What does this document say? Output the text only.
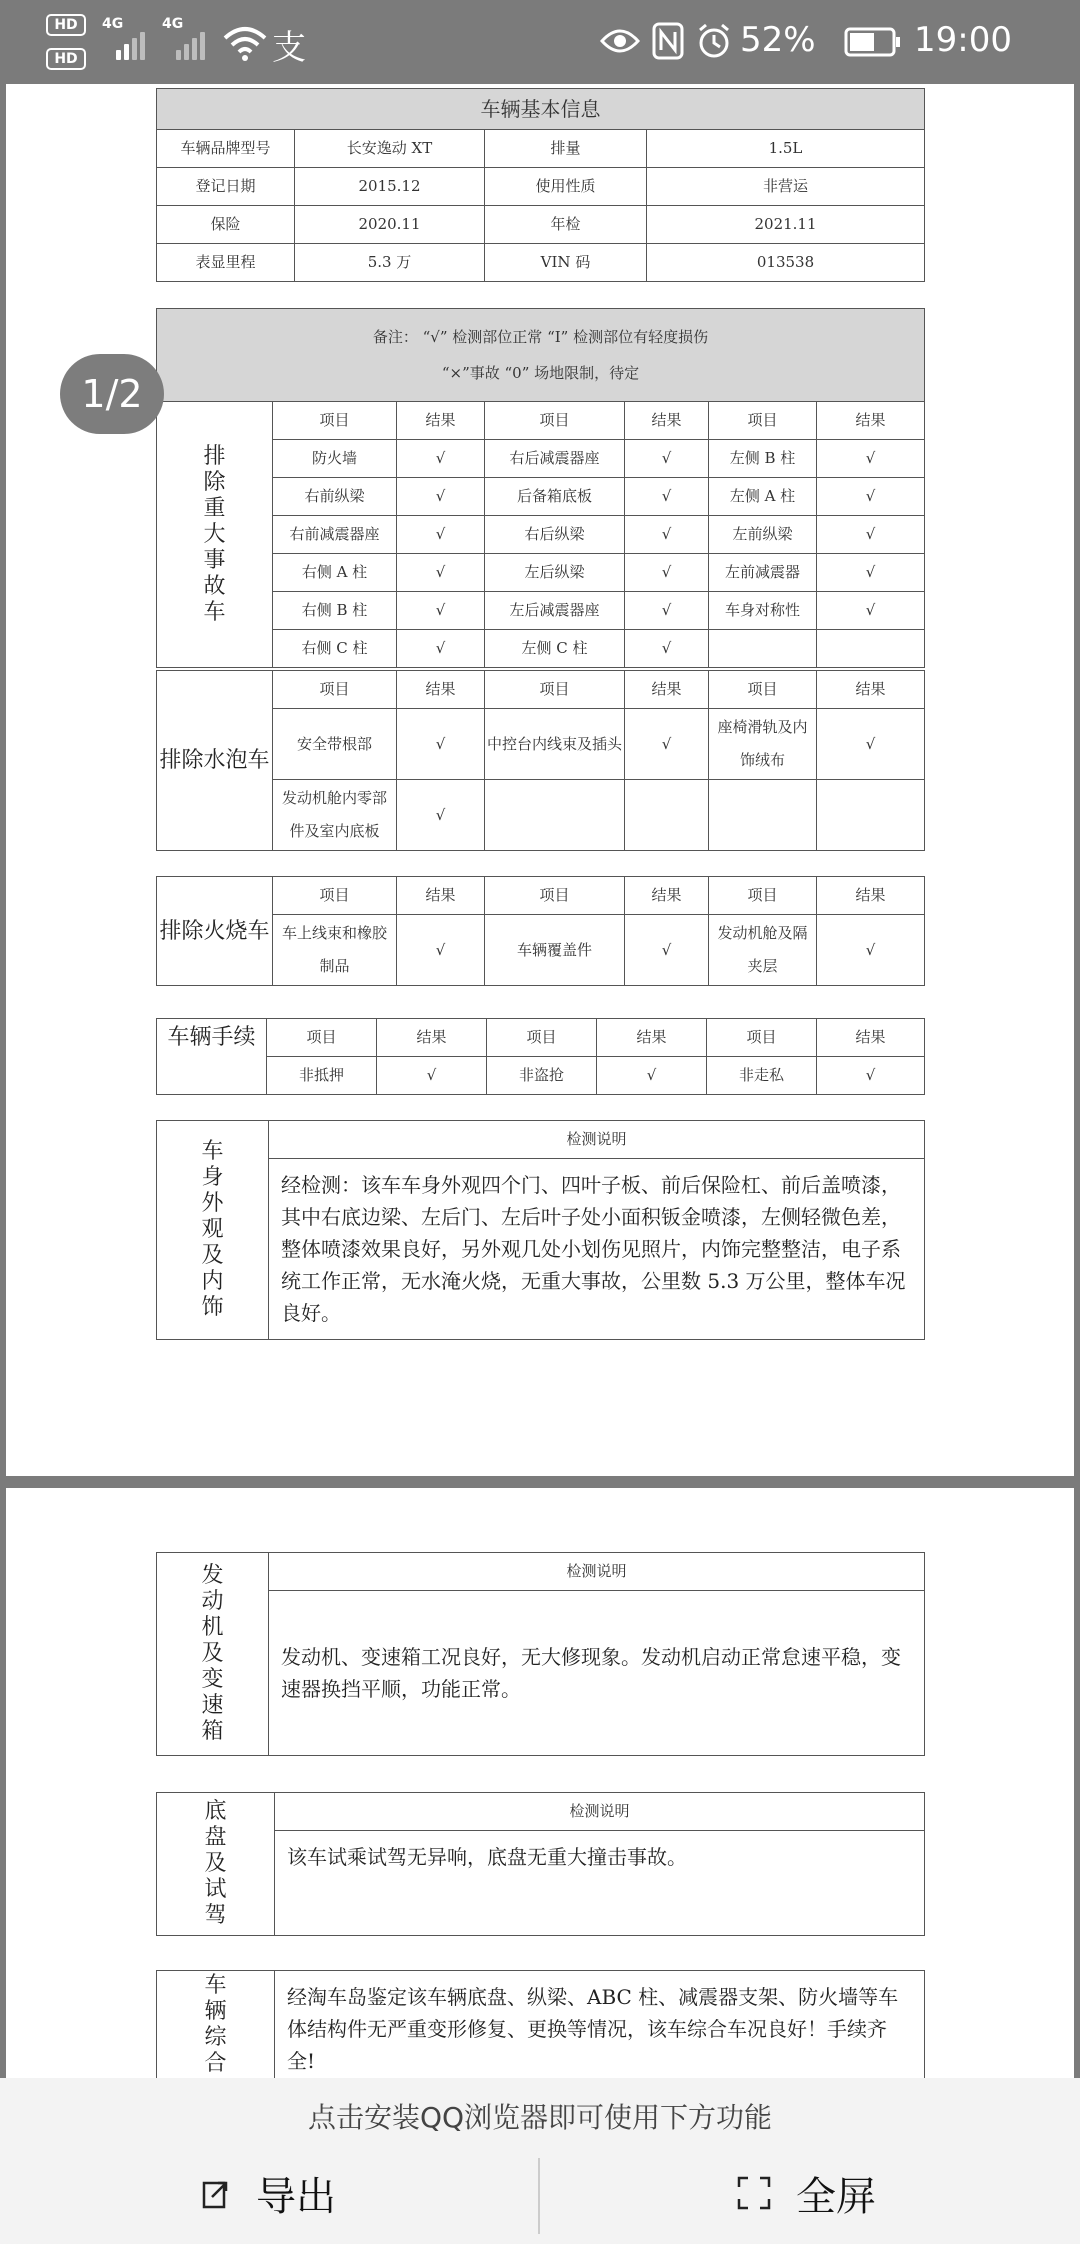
HD
HD
4G	4G
支	52%	19:00
车辆基本信息			
车辆品牌型号	长安逸动 XT	排量	1.5L
登记日期	2015.12	使用性质	非营运
保险	2020.11	年检	2021.11
表显里程	5.3 万	VIN 码	013538
备注： “√” 检测部位正常 “I” 检测部位有轻度损伤
“×”事故 “0” 场地限制，待定						

排除重大事故车	项目	结果	项目	结果	项目	结果
	防火墙	√	右后减震器座	√	左侧 B 柱	√
	右前纵梁	√	后备箱底板	√	左侧 A 柱	√
	右前减震器座	√	右后纵梁	√	左前纵梁	√
	右侧 A 柱	√	左后纵梁	√	左前减震器	√
	右侧 B 柱	√	左后减震器座	√	车身对称性	√
	右侧 C 柱	√	左侧 C 柱	√		
排除水泡车	项目	结果	项目	结果	项目	结果
	安全带根部	√	中控台内线束及插头	√	座椅滑轨及内饰绒布	√
	发动机舱内零部件及室内底板	√				
排除火烧车	项目	结果	项目	结果	项目	结果
	车上线束和橡胶制品	√	车辆覆盖件	√	发动机舱及隔夹层	√
车辆手续	项目	结果	项目	结果	项目	结果
	非抵押	√	非盗抢	√	非走私	√
车身外观及内饰
	检测说明
经检测：该车车身外观四个门、四叶子板、前后保险杠、前后盖喷漆，其中右底边梁、左后门、左后叶子处小面积钣金喷漆，左侧轻微色差，整体喷漆效果良好，另外观几处小划伤见照片，内饰完整整洁，电子系统工作正常，无水淹火烧，无重大事故，公里数 5.3 万公里，整体车况良好。
1/2
发动机及变速箱
	检测说明
发动机、变速箱工况良好，无大修现象。发动机启动正常怠速平稳，变速器换挡平顺，功能正常。
底盘及试驾
	检测说明
该车试乘试驾无异响，底盘无重大撞击事故。
车辆综合
	经淘车岛鉴定该车辆底盘、纵梁、ABC 柱、减震器支架、防火墙等车体结构件无严重变形修复、更换等情况，该车综合车况良好！手续齐全!
点击安装QQ浏览器即可使用下方功能
导出	全屏
